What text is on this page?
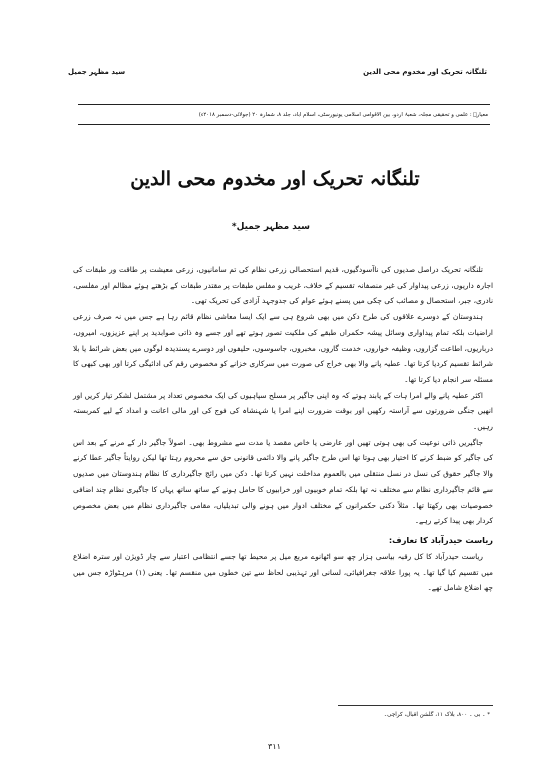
تلنگانہ تحریک اور مخدوم محی الدین
سید مظہر جمیل
معیارؔ : علمی و تحقیقی مجلہ، شعبۂ اردو، بین الاقوامی اسلامی یونیورسٹی، اسلام آباد، جلد ۸، شمارہ ۲۰ (جولائی-دسمبر ۲۰۱۸ء)
تلنگانہ تحریک اور مخدوم محی الدین
سید مظہر جمیل*

تلنگانہ تحریک دراصل صدیوں کی ناآسودگیوں، قدیم استحصالی زرعی نظام کی تم سامانیوں، زرعی معیشت پر طاقت ور طبقات کی اجارہ داریوں، زرعی پیداوار کی غیر منصفانہ تقسیم کے خلاف، غریب و مفلس طبقات پر مقتدر طبقات کے بڑھتے ہوئے مظالم اور مفلسی، نادری، جبر، استحصال و مصائب کی چکی میں پسنے ہوئے عوام کی جدوجہد آزادی کی تحریک تھی۔

ہندوستان کے دوسرے علاقوں کی طرح دکن میں بھی شروع ہی سے ایک ایسا معاشی نظام قائم رہا ہے جس میں نہ صرف زرعی اراضیات بلکہ تمام پیداواری وسائل پیشہ حکمراں طبقے کی ملکیت تصور ہوتے تھے اور جسے وہ ذاتی صوابدید پر اپنے عزیزوں، امیروں، درباریوں، اطاعت گزاروں، وظیفہ خواروں، خدمت گاروں، مخبروں، جاسوسوں، حلیفوں اور دوسرے پسندیدہ لوگوں میں بعض شرائط یا بلا شرائط تقسیم کردیا کرتا تھا۔ عطیہ پانے والا بھی خراج کی صورت میں سرکاری خزانے کو مخصوص رقم کی ادائیگی کرتا اور بھی کبھی کا مسئلہ سر انجام دیا کرتا تھا۔

اکثر عطیہ پانے والے امرا ہات کے پابند ہوتے کہ وہ اپنی جاگیر پر مسلح سپاہیوں کی ایک مخصوص تعداد پر مشتمل لشکر تیار کریں اور انھیں جنگی ضرورتوں سے آراستہ رکھیں اور بوقت ضرورت اپنے امرا یا شہنشاہ کی فوج کی اور مالی اعانت و امداد کے لیے کمربستہ رہیں۔

جاگیریں ذاتی نوعیت کی بھی ہوتی تھیں اور عارضی یا خاص مقصد یا مدت سے مشروط بھی۔ اصولاً جاگیر دار کے مرنے کے بعد اس کی جاگیر کو ضبط کرنے کا اختیار بھی ہوتا تھا اس طرح جاگیر پانے والا دائمی قانونی حق سے محروم رہتا تھا لیکن روایتاً جاگیر عطا کرنے والا جاگیر حقوق کی نسل در نسل منتقلی میں بالعموم مداخلت نہیں کرتا تھا۔ دکن میں رائج جاگیرداری کا نظام ہندوستان میں صدیوں سے قائم جاگیرداری نظام سے مختلف نہ تھا بلکہ تمام خوبیوں اور خرابیوں کا حامل ہونے کے ساتھ ساتھ یہاں کا جاگیری نظام چند اضافی خصوصیات بھی رکھتا تھا۔ مثلاً دکنی حکمرانوں کے مختلف ادوار میں ہونے والی تبدیلیاں، مقامی جاگیرداری نظام میں بعض مخصوص کردار بھی پیدا کرتے رہے۔

ریاست حیدرآباد کا تعارف:

ریاست حیدرآباد کا کل رقبہ بیاسی ہزار چھ سو اٹھانوے مربع میل پر محیط تھا جسے انتظامی اعتبار سے چار ڈویژن اور سترہ اضلاع میں تقسیم کیا گیا تھا۔ یہ پورا علاقہ جغرافیائی، لسانی اور تہذیبی لحاظ سے تین خطوں میں منقسم تھا۔ یعنی (۱) مرہٹواڑہ جس میں چھ اضلاع شامل تھے۔

* ۔ بی ۔ ۸۰۰، بلاک ۱۱، گلشن اقبال، کراچی۔
۳۱۱
